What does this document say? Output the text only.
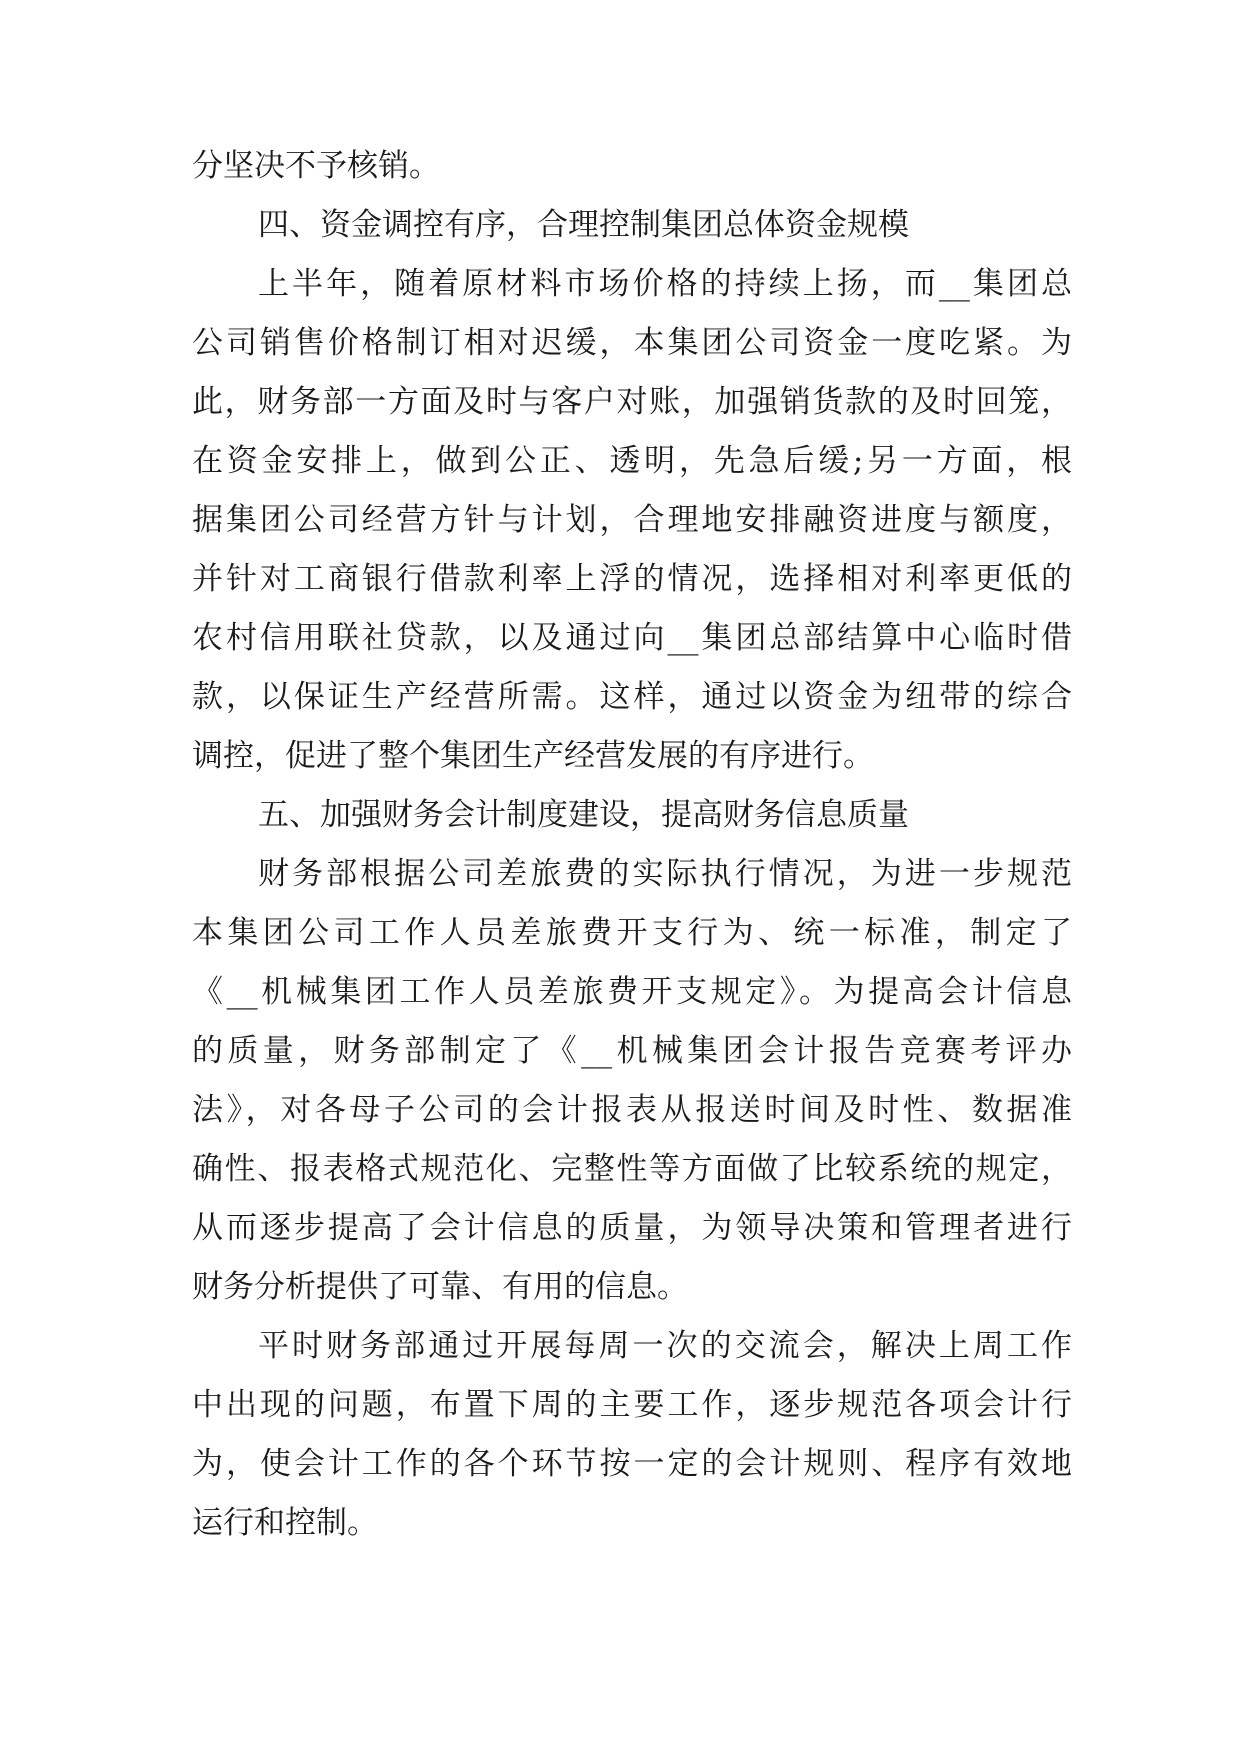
分坚决不予核销。
四、资金调控有序，合理控制集团总体资金规模
上半年，随着原材料市场价格的持续上扬，而__集团总
公司销售价格制订相对迟缓，本集团公司资金一度吃紧。为
此，财务部一方面及时与客户对账，加强销货款的及时回笼，
在资金安排上，做到公正、透明，先急后缓;另一方面，根
据集团公司经营方针与计划，合理地安排融资进度与额度，
并针对工商银行借款利率上浮的情况，选择相对利率更低的
农村信用联社贷款，以及通过向__集团总部结算中心临时借
款，以保证生产经营所需。这样，通过以资金为纽带的综合
调控，促进了整个集团生产经营发展的有序进行。
五、加强财务会计制度建设，提高财务信息质量
财务部根据公司差旅费的实际执行情况，为进一步规范
本集团公司工作人员差旅费开支行为、统一标准，制定了
《__机械集团工作人员差旅费开支规定》。为提高会计信息
的质量，财务部制定了《__机械集团会计报告竞赛考评办
法》，对各母子公司的会计报表从报送时间及时性、数据准
确性、报表格式规范化、完整性等方面做了比较系统的规定，
从而逐步提高了会计信息的质量，为领导决策和管理者进行
财务分析提供了可靠、有用的信息。
平时财务部通过开展每周一次的交流会，解决上周工作
中出现的问题，布置下周的主要工作，逐步规范各项会计行
为，使会计工作的各个环节按一定的会计规则、程序有效地
运行和控制。
